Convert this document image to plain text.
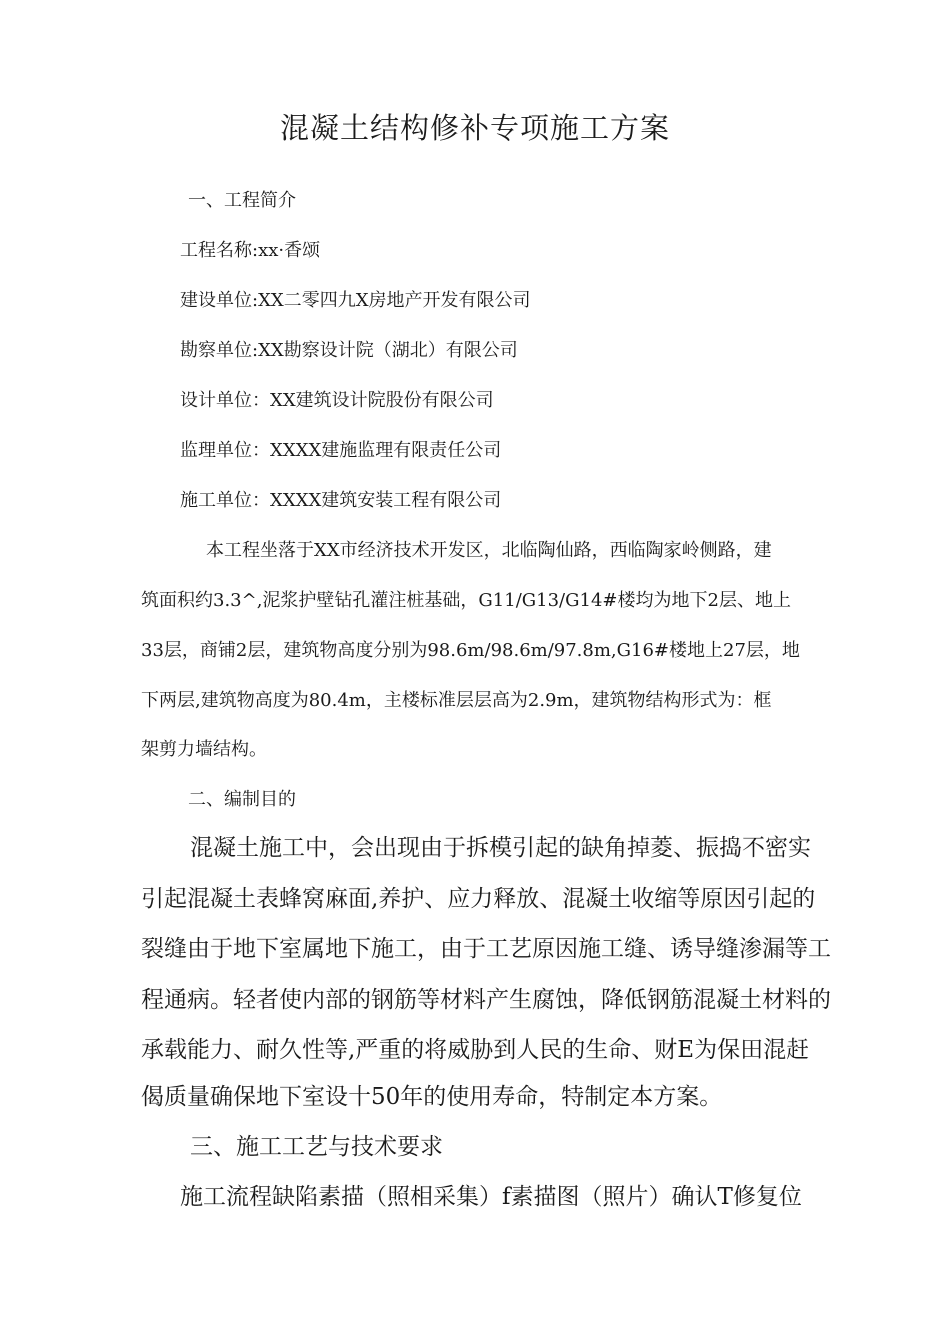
混凝土结构修补专项施工方案
一、工程简介
工程名称:xx·香颂
建设单位:XX二零四九X房地产开发有限公司
勘察单位:XX勘察设计院（湖北）有限公司
设计单位：XX建筑设计院股份有限公司
监理单位：XXXX建施监理有限责任公司
施工单位：XXXX建筑安装工程有限公司
本工程坐落于XX市经济技术开发区，北临陶仙路，西临陶家岭侧路，建
筑面积约3.3^,泥浆护壁钻孔灌注桩基础，G11/G13/G14#楼均为地下2层、地上
33层，商铺2层，建筑物高度分别为98.6m/98.6m/97.8m,G16#楼地上27层，地
下两层,建筑物高度为80.4m，主楼标准层层高为2.9m，建筑物结构形式为：框
架剪力墙结构。
二、编制目的
混凝土施工中，会出现由于拆模引起的缺角掉菱、振捣不密实
引起混凝土表蜂窝麻面,养护、应力释放、混凝土收缩等原因引起的
裂缝由于地下室属地下施工，由于工艺原因施工缝、诱导缝渗漏等工
程通病。轻者使内部的钢筋等材料产生腐蚀，降低钢筋混凝土材料的
承载能力、耐久性等,严重的将威胁到人民的生命、财E为保田混赶
偈质量确保地下室设十50年的使用寿命，特制定本方案。
三、施工工艺与技术要求
施工流程缺陷素描（照相采集）f素描图（照片）确认T修复位
